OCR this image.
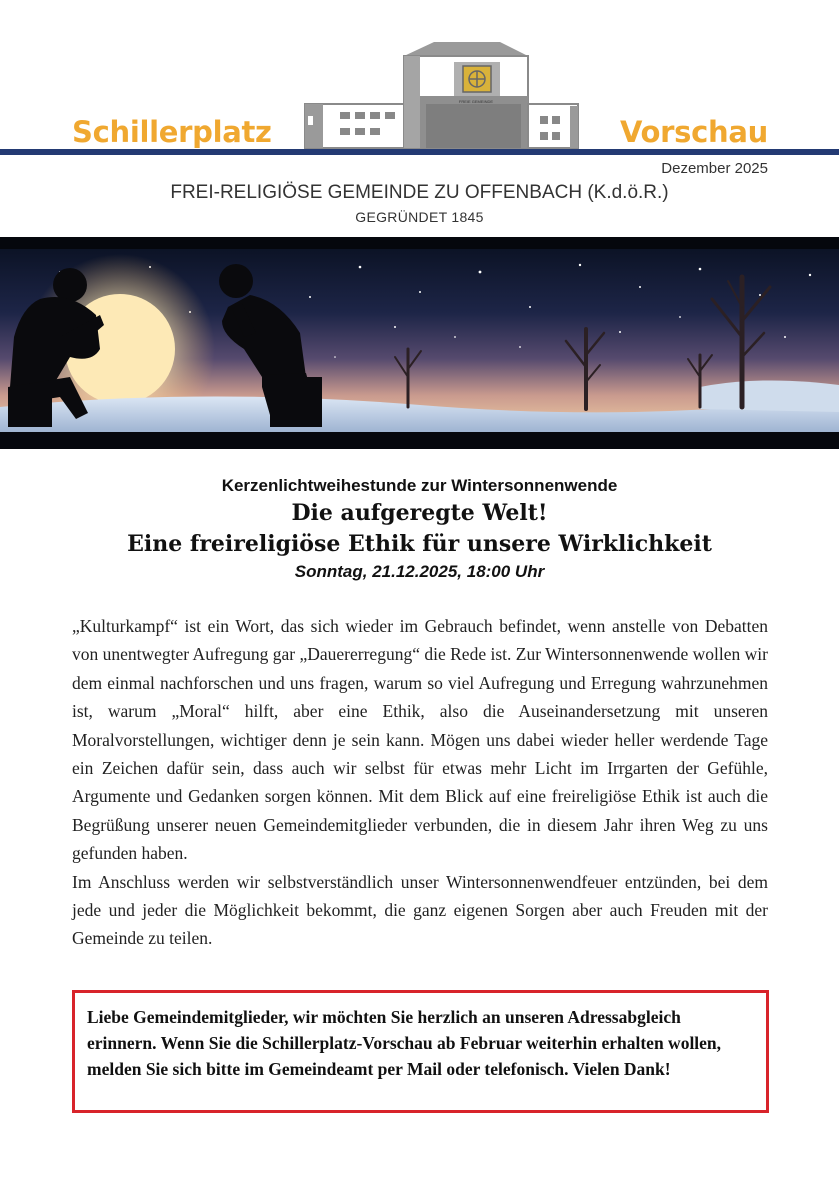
FREIE GEMEINDE
Schillerplatz	Vorschau
Dezember 2025
FREI-RELIGIÖSE GEMEINDE ZU OFFENBACH (K.d.ö.R.)
GEGRÜNDET 1845
Kerzenlichtweihestunde zur Wintersonnenwende
Die aufgeregte Welt!
Eine freireligiöse Ethik für unsere Wirklichkeit
Sonntag, 21.12.2025, 18:00 Uhr

„Kulturkampf“ ist ein Wort, das sich wieder im Gebrauch befindet, wenn anstelle von Debatten von unentwegter Aufregung gar „Dauererregung“ die Rede ist. Zur Wintersonnenwende wollen wir dem einmal nachforschen und uns fragen, warum so viel Aufregung und Erregung wahrzunehmen ist, warum „Moral“ hilft, aber eine Ethik, also die Auseinandersetzung mit unseren Moralvorstellungen, wichtiger denn je sein kann. Mögen uns dabei wieder heller werdende Tage ein Zeichen dafür sein, dass auch wir selbst für etwas mehr Licht im Irrgarten der Gefühle, Argumente und Gedanken sorgen können. Mit dem Blick auf eine freireligiöse Ethik ist auch die Begrüßung unserer neuen Gemeindemitglieder verbunden, die in diesem Jahr ihren Weg zu uns gefunden haben.

Im Anschluss werden wir selbstverständlich unser Wintersonnenwendfeuer entzünden, bei dem jede und jeder die Möglichkeit bekommt, die ganz eigenen Sorgen aber auch Freuden mit der Gemeinde zu teilen.

Liebe Gemeindemitglieder, wir möchten Sie herzlich an unseren Adressabgleich erinnern. Wenn Sie die Schillerplatz-Vorschau ab Februar weiterhin erhalten wollen, melden Sie sich bitte im Gemeindeamt per Mail oder telefonisch. Vielen Dank!
